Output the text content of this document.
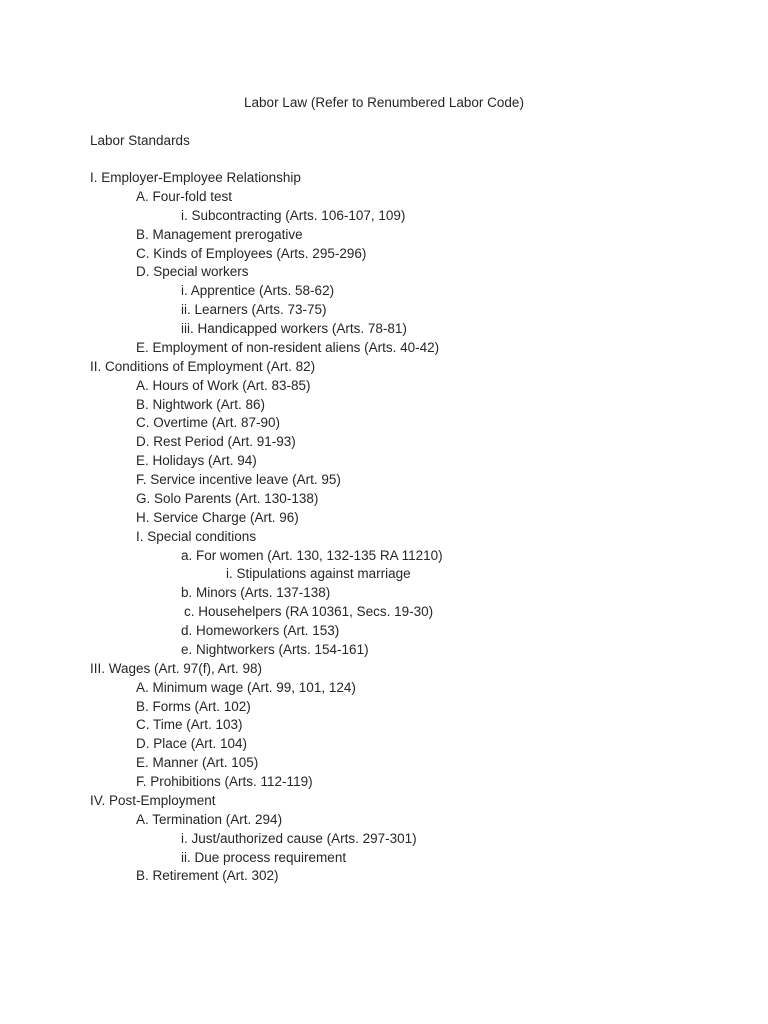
Labor Law (Refer to Renumbered Labor Code)
Labor Standards
I. Employer-Employee Relationship
A. Four-fold test
i. Subcontracting (Arts. 106-107, 109)
B. Management prerogative
C. Kinds of Employees (Arts. 295-296)
D. Special workers
i. Apprentice (Arts. 58-62)
ii. Learners (Arts. 73-75)
iii. Handicapped workers (Arts. 78-81)
E. Employment of non-resident aliens (Arts. 40-42)
II. Conditions of Employment (Art. 82)
A. Hours of Work (Art. 83-85)
B. Nightwork (Art. 86)
C. Overtime (Art. 87-90)
D. Rest Period (Art. 91-93)
E. Holidays (Art. 94)
F. Service incentive leave (Art. 95)
G. Solo Parents (Art. 130-138)
H. Service Charge (Art. 96)
I. Special conditions
a. For women (Art. 130, 132-135 RA 11210)
i. Stipulations against marriage
b. Minors (Arts. 137-138)
c. Househelpers (RA 10361, Secs. 19-30)
d. Homeworkers (Art. 153)
e. Nightworkers (Arts. 154-161)
III. Wages (Art. 97(f), Art. 98)
A. Minimum wage (Art. 99, 101, 124)
B. Forms (Art. 102)
C. Time (Art. 103)
D. Place (Art. 104)
E. Manner (Art. 105)
F. Prohibitions (Arts. 112-119)
IV. Post-Employment
A. Termination (Art. 294)
i. Just/authorized cause (Arts. 297-301)
ii. Due process requirement
B. Retirement (Art. 302)
